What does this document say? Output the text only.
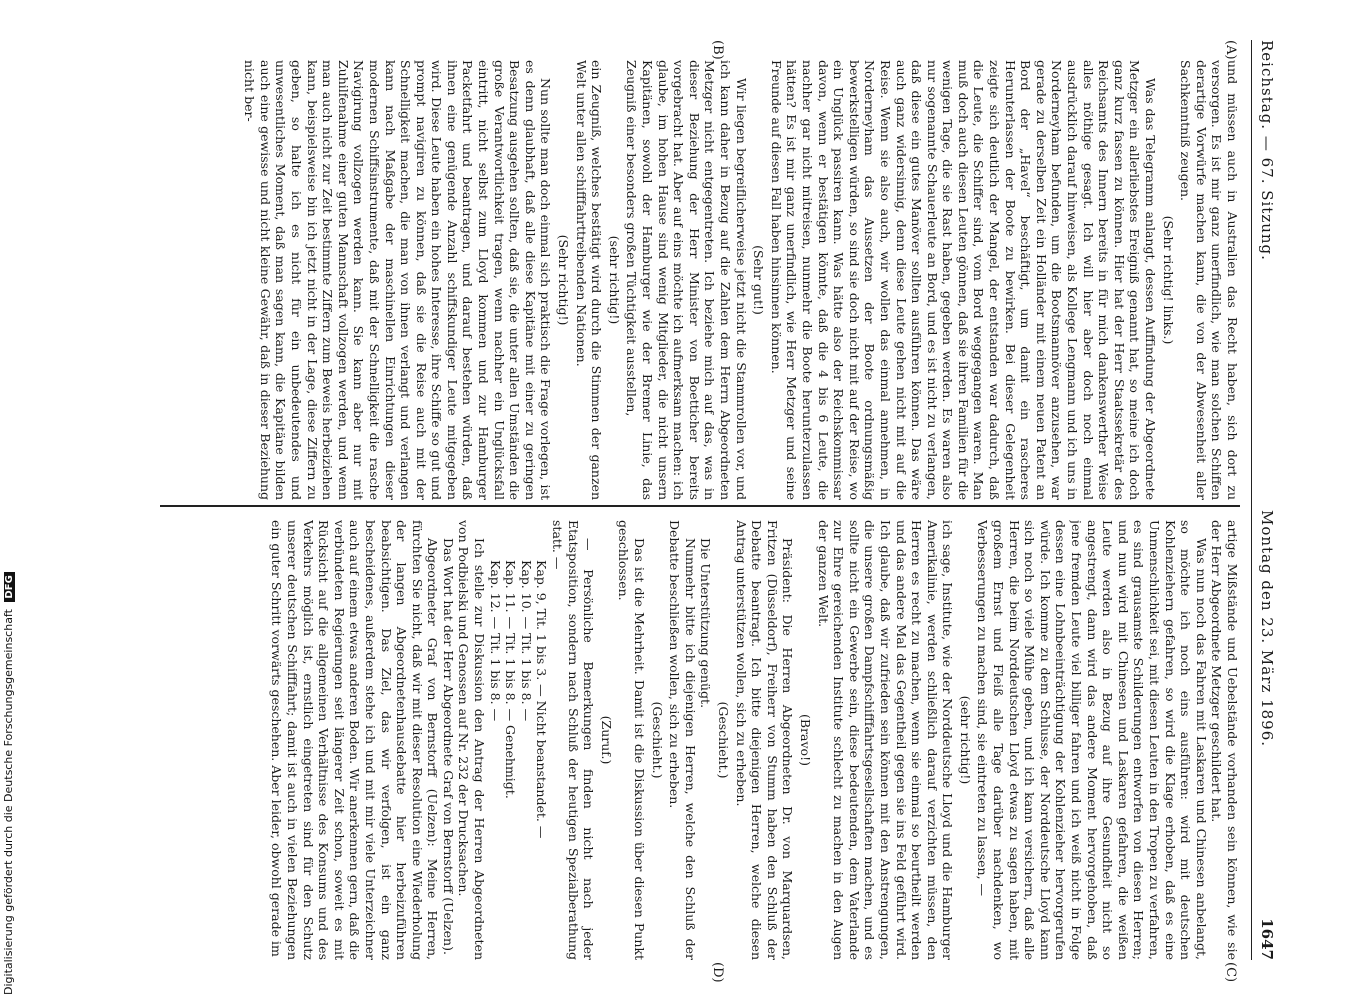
Reichstag. — 67. Sitzung.
Montag den 23. März 1896.
1647
(A)
(B)
(C)
(D)

und müssen auch in Australien das Recht haben, sich dort zu versorgen. Es ist mir ganz unerfindlich, wie man solchen Schiffen derartige Vorwürfe machen kann, die von der Abwesenheit aller Sachkenntniß zeugen.

(Sehr richtig! links.)

Was das Telegramm anlangt, dessen Auffindung der Abgeordnete Metzger ein allerliebstes Ereigniß genannt hat, so meine ich doch ganz kurz fassen zu können. Hier hat der Herr Staatssekretär des Reichsamts des Innern bereits in für mich dankenswerther Weise alles nöthige gesagt. Ich will hier aber doch noch einmal ausdrücklich darauf hinweisen, als Kollege Lengmann und ich uns in Norderneyham befunden, um die Bootsmannöver anzusehen, war gerade zu derselben Zeit ein Holländer mit einem neuen Patent an Bord der „Havel“ beschäftigt, um damit ein rascheres Herunterlassen der Boote zu bewirken. Bei dieser Gelegenheit zeigte sich deutlich der Mangel, der entstanden war dadurch, daß die Leute, die Schiffer sind, vom Bord weggegangen waren. Man muß doch auch diesen Leuten gönnen, daß sie ihren Familien für die wenigen Tage, die sie Rast haben, gegeben werden. Es waren also nur sogenannte Schauerleute an Bord, und es ist nicht zu verlangen, daß diese ein gutes Manöver sollten ausführen können. Das wäre auch ganz widersinnig, denn diese Leute gehen nicht mit auf die Reise. Wenn sie also auch, wir wollen das einmal annehmen, in Norderneyham das Aussetzen der Boote ordnungsmäßig bewerkstelligen würden, so sind sie doch nicht mit auf der Reise, wo ein Unglück passiren kann. Was hätte also der Reichskommissar davon, wenn er bestätigen könnte, daß die 4 bis 6 Leute, die nachher gar nicht mitreisen, nunmehr die Boote herunterzulassen hätten? Es ist mir ganz unerfindlich, wie Herr Metzger und seine Freunde auf diesen Fall haben hinsinnen können.

(Sehr gut!)

Wir liegen begreiflicherweise jetzt nicht die Stammrollen vor, und ich kann daher in Bezug auf die Zahlen dem Herrn Abgeordneten Metzger nicht entgegentreten. Ich beziehe mich auf das, was in dieser Beziehung der Herr Minister von Boetticher bereits vorgebracht hat. Aber auf eins möchte ich aufmerksam machen: ich glaube, im hohen Hause sind wenig Mitglieder, die nicht unsern Kapitänen, sowohl der Hamburger wie der Bremer Linie, das Zeugniß einer besonders großen Tüchtigkeit ausstellen,

(sehr richtig!)

ein Zeugniß, welches bestätigt wird durch die Stimmen der ganzen Welt unter allen schifffahrttreibenden Nationen.

(Sehr richtig!)

Nun sollte man doch einmal sich praktisch die Frage vorlegen, ist es denn glaubhaft, daß alle diese Kapitäne mit einer zu geringen Besatzung ausgehen sollten, daß sie, die unter allen Umständen die große Verantwortlichkeit tragen, wenn nachher ein Unglücksfall eintritt, nicht selbst zum Lloyd kommen und zur Hamburger Packetfahrt und beantragen, und darauf bestehen würden, daß ihnen eine genügende Anzahl schiffskundiger Leute mitgegeben wird. Diese Leute haben ein hohes Interesse, ihre Schiffe so gut und prompt navigiren zu können, daß sie die Reise auch mit der Schnelligkeit machen, die man von ihnen verlangt und verlangen kann nach Maßgabe der maschinellen Einrichtungen dieser modernen Schiffsinstrumente, daß mit der Schnelligkeit die rasche Navigirung vollzogen werden kann. Sie kann aber nur mit Zuhilfenahme einer guten Mannschaft vollzogen werden, und wenn man auch nicht zur Zeit bestimmte Ziffern zum Beweis herbeiziehen kann, beispielsweise bin ich jetzt nicht in der Lage, diese Ziffern zu geben, so halte ich es nicht für ein unbedeutendes und unwesentliches Moment, daß man sagen kann, die Kapitäne bilden auch eine gewisse und nicht kleine Gewähr, daß in dieser Beziehung nicht ber-

artige Mißstände und Uebelstände vorhanden sein können, wie sie der Herr Abgeordnete Metzger geschildert hat.

Was nun noch das Fahren mit Laskaren und Chinesen anbelangt, so möchte ich noch eins ausführen: wird mit deutschen Kohlenziehern gefahren, so wird die Klage erhoben, daß es eine Unmenschlichkeit sei, mit diesen Leuten in den Tropen zu verfahren, es sind grausamste Schilderungen entworfen von diesen Herren; und nun wird mit Chinesen und Laskaren gefahren, die weißen Leute werden also in Bezug auf ihre Gesundheit nicht so angestrengt, dann wird das andere Moment hervorgehoben, daß jene fremden Leute viel billiger fahren und ich weiß nicht in Folge dessen eine Lohnbeeinträchtigung der Kohlenzieher hervorgerufen würde. Ich komme zu dem Schlusse, der Norddeutsche Lloyd kann sich noch so viele Mühe geben, und ich kann versichern, daß alle Herren, die beim Norddeutschen Lloyd etwas zu sagen haben, mit großem Ernst und Fleiß alle Tage darüber nachdenken, wo Verbesserungen zu machen sind, sie eintreten zu lassen, —

(sehr richtig!)

ich sage, Institute, wie der Norddeutsche Lloyd und die Hamburger Amerikalinie, werden schließlich darauf verzichten müssen, den Herren es recht zu machen, wenn sie einmal so beurtheilt werden und das andere Mal das Gegentheil gegen sie ins Feld geführt wird. Ich glaube, daß wir zufrieden sein können mit den Anstrengungen, die unsere großen Dampfschifffahrtsgesellschaften machen, und es sollte nicht ein Gewerbe sein, diese bedeutenden, dem Vaterlande zur Ehre gereichenden Institute schlecht zu machen in den Augen der ganzen Welt.

(Bravo!)

Präsident: Die Herren Abgeordneten Dr. von Marquardsen, Fritzen (Düsseldorf), Freiherr von Stumm haben den Schluß der Debatte beantragt. Ich bitte diejenigen Herren, welche diesen Antrag unterstützen wollen, sich zu erheben.

(Geschieht.)

Die Unterstützung genügt.

Nunmehr bitte ich diejenigen Herren, welche den Schluß der Debatte beschließen wollen, sich zu erheben.

(Geschieht.)

Das ist die Mehrheit. Damit ist die Diskussion über diesen Punkt geschlossen.

(Zuruf.)

— Persönliche Bemerkungen finden nicht nach jeder Etatsposition, sondern nach Schluß der heutigen Spezialberathung statt. —

Kap. 9, Tit. 1 bis 3. — Nicht beanstandet. —

Kap. 10. — Tit. 1 bis 8. —

Kap. 11. — Tit. 1 bis 8. — Genehmigt.

Kap. 12. — Tit. 1 bis 8. —

Ich stelle zur Diskussion den Antrag der Herren Abgeordneten von Podbielski und Genossen auf Nr. 232 der Drucksachen.

Das Wort hat der Herr Abgeordnete Graf von Bernstorff (Uelzen).

Abgeordneter Graf von Bernstorff (Uelzen): Meine Herren, fürchten Sie nicht, daß wir mit dieser Resolution eine Wiederholung der langen Abgeordnetenhausdebatte hier herbeizuführen beabsichtigen. Das Ziel, das wir verfolgen, ist ein ganz bescheidenes, außerdem stehe ich und mit mir viele Unterzeichner auch auf einem etwas anderen Boden. Wir anerkennen gern, daß die verbündeten Regierungen seit längerer Zeit schon, soweit es mit Rücksicht auf die allgemeinen Verhältnisse des Konsums und des Verkehrs möglich ist, ernstlich eingetreten sind für den Schutz unserer deutschen Schifffahrt; damit ist auch in vielen Beziehungen ein guter Schritt vorwärts geschehen. Aber leider, obwohl gerade im

Digitalisierung gefördert durch die Deutsche Forschungsgemeinschaft DFG
